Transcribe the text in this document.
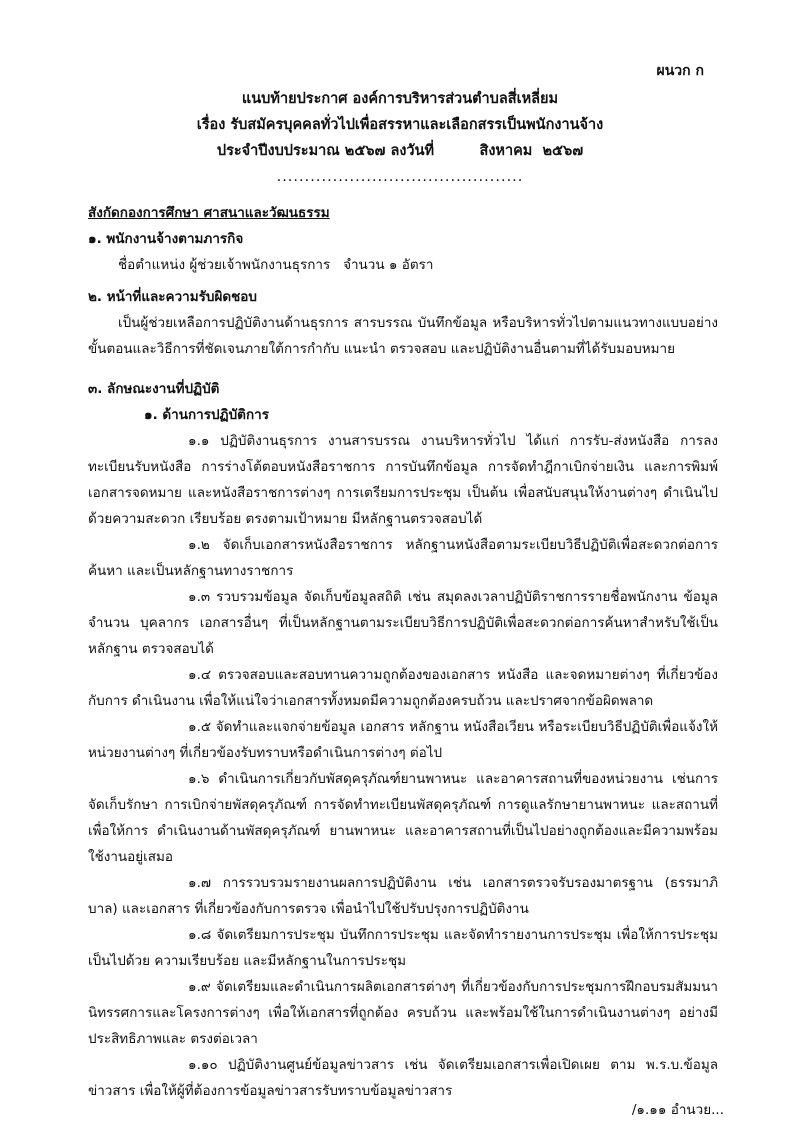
ผนวก ก
แนบท้ายประกาศ องค์การบริหารส่วนตำบลสี่เหลี่ยม
เรื่อง รับสมัครบุคคลทั่วไปเพื่อสรรหาและเลือกสรรเป็นพนักงานจ้าง
ประจำปีงบประมาณ ๒๕๖๗ ลงวันที่         สิงหาคม  ๒๕๖๗
............................................

สังกัดกองการศึกษา ศาสนาและวัฒนธรรม

๑. พนักงานจ้างตามภารกิจ

ชื่อตำแหน่ง ผู้ช่วยเจ้าพนักงานธุรการ   จำนวน ๑ อัตรา

๒. หน้าที่และความรับผิดชอบ

เป็นผู้ช่วยเหลือการปฏิบัติงานด้านธุรการ สารบรรณ บันทึกข้อมูล หรือบริหารทั่วไปตามแนวทางแบบอย่าง ขั้นตอนและวิธีการที่ชัดเจนภายใต้การกำกับ แนะนำ ตรวจสอบ และปฏิบัติงานอื่นตามที่ได้รับมอบหมาย

๓. ลักษณะงานที่ปฏิบัติ

๑. ด้านการปฏิบัติการ

๑.๑ ปฏิบัติงานธุรการ งานสารบรรณ งานบริหารทั่วไป ได้แก่ การรับ-ส่งหนังสือ การลงทะเบียนรับหนังสือ การร่างโต้ตอบหนังสือราชการ การบันทึกข้อมูล การจัดทำฎีกาเบิกจ่ายเงิน และการพิมพ์เอกสารจดหมาย และหนังสือราชการต่างๆ การเตรียมการประชุม เป็นต้น เพื่อสนับสนุนให้งานต่างๆ ดำเนินไปด้วยความสะดวก เรียบร้อย ตรงตามเป้าหมาย มีหลักฐานตรวจสอบได้

๑.๒ จัดเก็บเอกสารหนังสือราชการ หลักฐานหนังสือตามระเบียบวิธีปฏิบัติเพื่อสะดวกต่อการค้นหา และเป็นหลักฐานทางราชการ

๑.๓ รวบรวมข้อมูล จัดเก็บข้อมูลสถิติ เช่น สมุดลงเวลาปฏิบัติราชการรายชื่อพนักงาน ข้อมูลจำนวน บุคลากร เอกสารอื่นๆ ที่เป็นหลักฐานตามระเบียบวิธีการปฏิบัติเพื่อสะดวกต่อการค้นหาสำหรับใช้เป็นหลักฐาน ตรวจสอบได้

๑.๔ ตรวจสอบและสอบทานความถูกต้องของเอกสาร หนังสือ และจดหมายต่างๆ ที่เกี่ยวข้องกับการ ดำเนินงาน เพื่อให้แน่ใจว่าเอกสารทั้งหมดมีความถูกต้องครบถ้วน และปราศจากข้อผิดพลาด

๑.๕ จัดทำและแจกจ่ายข้อมูล เอกสาร หลักฐาน หนังสือเวียน หรือระเบียบวิธีปฏิบัติเพื่อแจ้งให้หน่วยงานต่างๆ ที่เกี่ยวข้องรับทราบหรือดำเนินการต่างๆ ต่อไป

๑.๖ ดำเนินการเกี่ยวกับพัสดุครุภัณฑ์ยานพาหนะ และอาคารสถานที่ของหน่วยงาน เช่นการจัดเก็บรักษา การเบิกจ่ายพัสดุครุภัณฑ์ การจัดทำทะเบียนพัสดุครุภัณฑ์ การดูแลรักษายานพาหนะ และสถานที่เพื่อให้การ ดำเนินงานด้านพัสดุครุภัณฑ์ ยานพาหนะ และอาคารสถานที่เป็นไปอย่างถูกต้องและมีความพร้อมใช้งานอยู่เสมอ

๑.๗ การรวบรวมรายงานผลการปฏิบัติงาน เช่น เอกสารตรวจรับรองมาตรฐาน (ธรรมาภิบาล) และเอกสาร ที่เกี่ยวข้องกับการตรวจ เพื่อนำไปใช้ปรับปรุงการปฏิบัติงาน

๑.๘ จัดเตรียมการประชุม บันทึกการประชุม และจัดทำรายงานการประชุม เพื่อให้การประชุมเป็นไปด้วย ความเรียบร้อย และมีหลักฐานในการประชุม

๑.๙ จัดเตรียมและดำเนินการผลิตเอกสารต่างๆ ที่เกี่ยวข้องกับการประชุมการฝึกอบรมสัมมนานิทรรศการและโครงการต่างๆ เพื่อให้เอกสารที่ถูกต้อง ครบถ้วน และพร้อมใช้ในการดำเนินงานต่างๆ อย่างมีประสิทธิภาพและ ตรงต่อเวลา

๑.๑๐ ปฏิบัติงานศูนย์ข้อมูลข่าวสาร เช่น จัดเตรียมเอกสารเพื่อเปิดเผย ตาม พ.ร.บ.ข้อมูลข่าวสาร เพื่อให้ผู้ที่ต้องการข้อมูลข่าวสารรับทราบข้อมูลข่าวสาร

/๑.๑๑ อำนวย...
